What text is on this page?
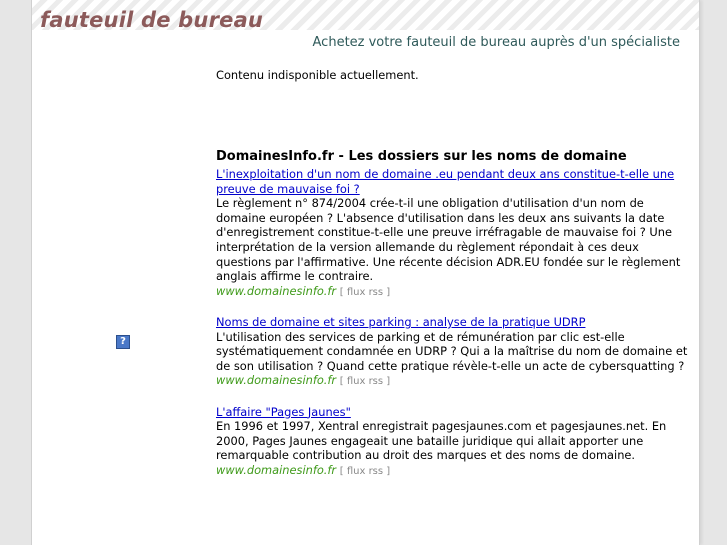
fauteuil de bureau
Achetez votre fauteuil de bureau auprès d'un spécialiste
?

Contenu indisponible actuellement.

DomainesInfo.fr - Les dossiers sur les noms de domaine
L'inexploitation d'un nom de domaine .eu pendant deux ans constitue-t-elle une preuve de mauvaise foi ?

Le règlement n° 874/2004 crée-t-il une obligation d'utilisation d'un nom de domaine européen ? L'absence d'utilisation dans les deux ans suivants la date d'enregistrement constitue-t-elle une preuve irréfragable de mauvaise foi ? Une interprétation de la version allemande du règlement répondait à ces deux questions par l'affirmative. Une récente décision ADR.EU fondée sur le règlement anglais affirme le contraire.

www.domainesinfo.fr [ flux rss ]
Noms de domaine et sites parking : analyse de la pratique UDRP

L'utilisation des services de parking et de rémunération par clic est-elle systématiquement condamnée en UDRP ? Qui a la maîtrise du nom de domaine et de son utilisation ? Quand cette pratique révèle-t-elle un acte de cybersquatting ?

www.domainesinfo.fr [ flux rss ]
L'affaire "Pages Jaunes"

En 1996 et 1997, Xentral enregistrait pagesjaunes.com et pagesjaunes.net. En 2000, Pages Jaunes engageait une bataille juridique qui allait apporter une remarquable contribution au droit des marques et des noms de domaine.

www.domainesinfo.fr [ flux rss ]
